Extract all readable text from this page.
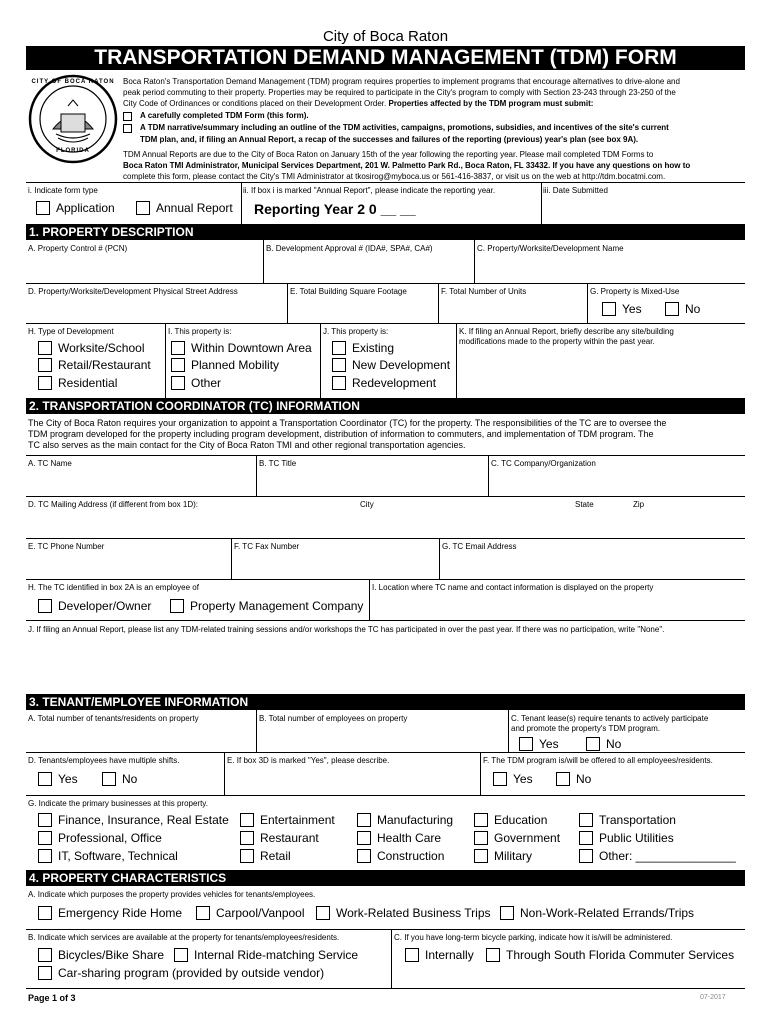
City of Boca Raton
TRANSPORTATION DEMAND MANAGEMENT (TDM) FORM
CITY OF BOCA RATON
FLORIDA
Boca Raton's Transportation Demand Management (TDM) program requires properties to implement programs that encourage alternatives to drive-alone and
peak period commuting to their property. Properties may be required to participate in the City's program to comply with Section 23-243 through 23-250 of the
City Code of Ordinances or conditions placed on their Development Order. Properties affected by the TDM program must submit:
A carefully completed TDM Form (this form).
A TDM narrative/summary including an outline of the TDM activities, campaigns, promotions, subsidies, and incentives of the site's current
TDM plan, and, if filing an Annual Report, a recap of the successes and failures of the reporting (previous) year's plan (see box 9A).
TDM Annual Reports are due to the City of Boca Raton on January 15th of the year following the reporting year. Please mail completed TDM Forms to
Boca Raton TMI Administrator, Municipal Services Department, 201 W. Palmetto Park Rd., Boca Raton, FL 33432. If you have any questions on how to
complete this form, please contact the City's TMI Administrator at tkosirog@myboca.us or 561-416-3837, or visit us on the web at http://tdm.bocatmi.com.
i. Indicate form type
Application	Annual Report
ii. If box i is marked "Annual Report", please indicate the reporting year.
Reporting Year 2 0 __ __
iii. Date Submitted
1. PROPERTY DESCRIPTION
A. Property Control # (PCN)	B. Development Approval # (IDA#, SPA#, CA#)	C. Property/Worksite/Development Name
D. Property/Worksite/Development Physical Street Address	E. Total Building Square Footage	F. Total Number of Units	G. Property is Mixed-Use
Yes	No
H. Type of Development
Worksite/School
Retail/Restaurant
Residential
I. This property is:
Within Downtown Area
Planned Mobility
Other
J. This property is:
Existing
New Development
Redevelopment
K. If filing an Annual Report, briefly describe any site/building
modifications made to the property within the past year.
2. TRANSPORTATION COORDINATOR (TC) INFORMATION
The City of Boca Raton requires your organization to appoint a Transportation Coordinator (TC) for the property. The responsibilities of the TC are to oversee the
TDM program developed for the property including program development, distribution of information to commuters, and implementation of TDM program. The
TC also serves as the main contact for the City of Boca Raton TMI and other regional transportation agencies.
A. TC Name	B. TC Title	C. TC Company/Organization
D. TC Mailing Address (if different from box 1D):	City	State	Zip
E. TC Phone Number	F. TC Fax Number	G. TC Email Address
H. The TC identified in box 2A is an employee of
Developer/Owner	Property Management Company
I. Location where TC name and contact information is displayed on the property
J. If filing an Annual Report, please list any TDM-related training sessions and/or workshops the TC has participated in over the past year. If there was no participation, write "None".
3. TENANT/EMPLOYEE INFORMATION
A. Total number of tenants/residents on property	B. Total number of employees on property	C. Tenant lease(s) require tenants to actively participate
and promote the property's TDM program.
Yes	No
D. Tenants/employees have multiple shifts.
Yes	No
E. If box 3D is marked "Yes", please describe.	F. The TDM program is/will be offered to all employees/residents.
Yes	No
G. Indicate the primary businesses at this property.
Finance, Insurance, Real Estate
Professional, Office
IT, Software, Technical
Entertainment
Restaurant
Retail
Manufacturing
Health Care
Construction
Education
Government
Military
Transportation
Public Utilities
Other: _______________
4. PROPERTY CHARACTERISTICS
A. Indicate which purposes the property provides vehicles for tenants/employees.
Emergency Ride Home	Carpool/Vanpool	Work-Related Business Trips Non-Work-Related Errands/Trips
B. Indicate which services are available at the property for tenants/employees/residents.
Bicycles/Bike Share Internal Ride-matching Service
Car-sharing program (provided by outside vendor)
C. If you have long-term bicycle parking, indicate how it is/will be administered.
Internally	Through South Florida Commuter Services
Page 1 of 3	07-2017
